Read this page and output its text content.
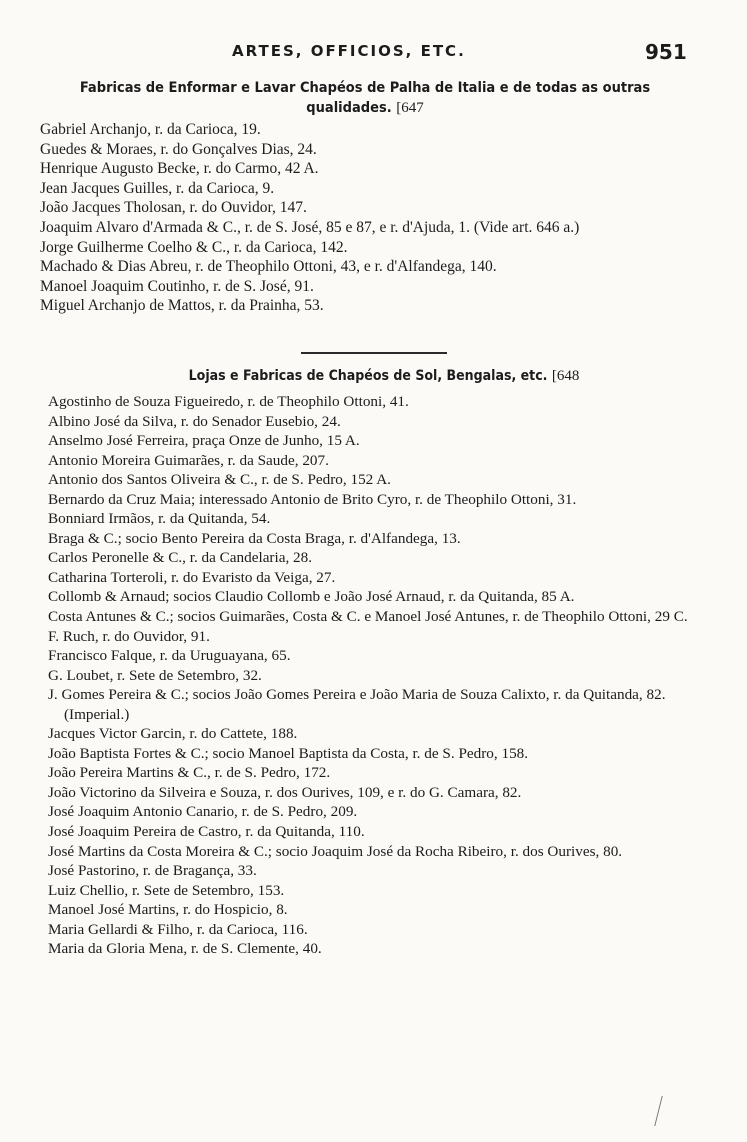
ARTES, OFFICIOS, ETC.	951
Fabricas de Enformar e Lavar Chapéos de Palha de Italia e de todas as outras qualidades. [647
Gabriel Archanjo, r. da Carioca, 19.
Guedes & Moraes, r. do Gonçalves Dias, 24.
Henrique Augusto Becke, r. do Carmo, 42 A.
Jean Jacques Guilles, r. da Carioca, 9.
João Jacques Tholosan, r. do Ouvidor, 147.
Joaquim Alvaro d'Armada & C., r. de S. José, 85 e 87, e r. d'Ajuda, 1. (Vide art. 646 a.)
Jorge Guilherme Coelho & C., r. da Carioca, 142.
Machado & Dias Abreu, r. de Theophilo Ottoni, 43, e r. d'Alfandega, 140.
Manoel Joaquim Coutinho, r. de S. José, 91.
Miguel Archanjo de Mattos, r. da Prainha, 53.
Lojas e Fabricas de Chapéos de Sol, Bengalas, etc. [648
Agostinho de Souza Figueiredo, r. de Theophilo Ottoni, 41.
Albino José da Silva, r. do Senador Eusebio, 24.
Anselmo José Ferreira, praça Onze de Junho, 15 A.
Antonio Moreira Guimarães, r. da Saude, 207.
Antonio dos Santos Oliveira & C., r. de S. Pedro, 152 A.
Bernardo da Cruz Maia; interessado Antonio de Brito Cyro, r. de Theophilo Ottoni, 31.
Bonniard Irmãos, r. da Quitanda, 54.
Braga & C.; socio Bento Pereira da Costa Braga, r. d'Alfandega, 13.
Carlos Peronelle & C., r. da Candelaria, 28.
Catharina Torteroli, r. do Evaristo da Veiga, 27.
Collomb & Arnaud; socios Claudio Collomb e João José Arnaud, r. da Quitanda, 85 A.
Costa Antunes & C.; socios Guimarães, Costa & C. e Manoel José Antunes, r. de Theophilo Ottoni, 29 C.
F. Ruch, r. do Ouvidor, 91.
Francisco Falque, r. da Uruguayana, 65.
G. Loubet, r. Sete de Setembro, 32.
J. Gomes Pereira & C.; socios João Gomes Pereira e João Maria de Souza Calixto, r. da Quitanda, 82. (Imperial.)
Jacques Victor Garcin, r. do Cattete, 188.
João Baptista Fortes & C.; socio Manoel Baptista da Costa, r. de S. Pedro, 158.
João Pereira Martins & C., r. de S. Pedro, 172.
João Victorino da Silveira e Souza, r. dos Ourives, 109, e r. do G. Camara, 82.
José Joaquim Antonio Canario, r. de S. Pedro, 209.
José Joaquim Pereira de Castro, r. da Quitanda, 110.
José Martins da Costa Moreira & C.; socio Joaquim José da Rocha Ribeiro, r. dos Ourives, 80.
José Pastorino, r. de Bragança, 33.
Luiz Chellio, r. Sete de Setembro, 153.
Manoel José Martins, r. do Hospicio, 8.
Maria Gellardi & Filho, r. da Carioca, 116.
Maria da Gloria Mena, r. de S. Clemente, 40.
